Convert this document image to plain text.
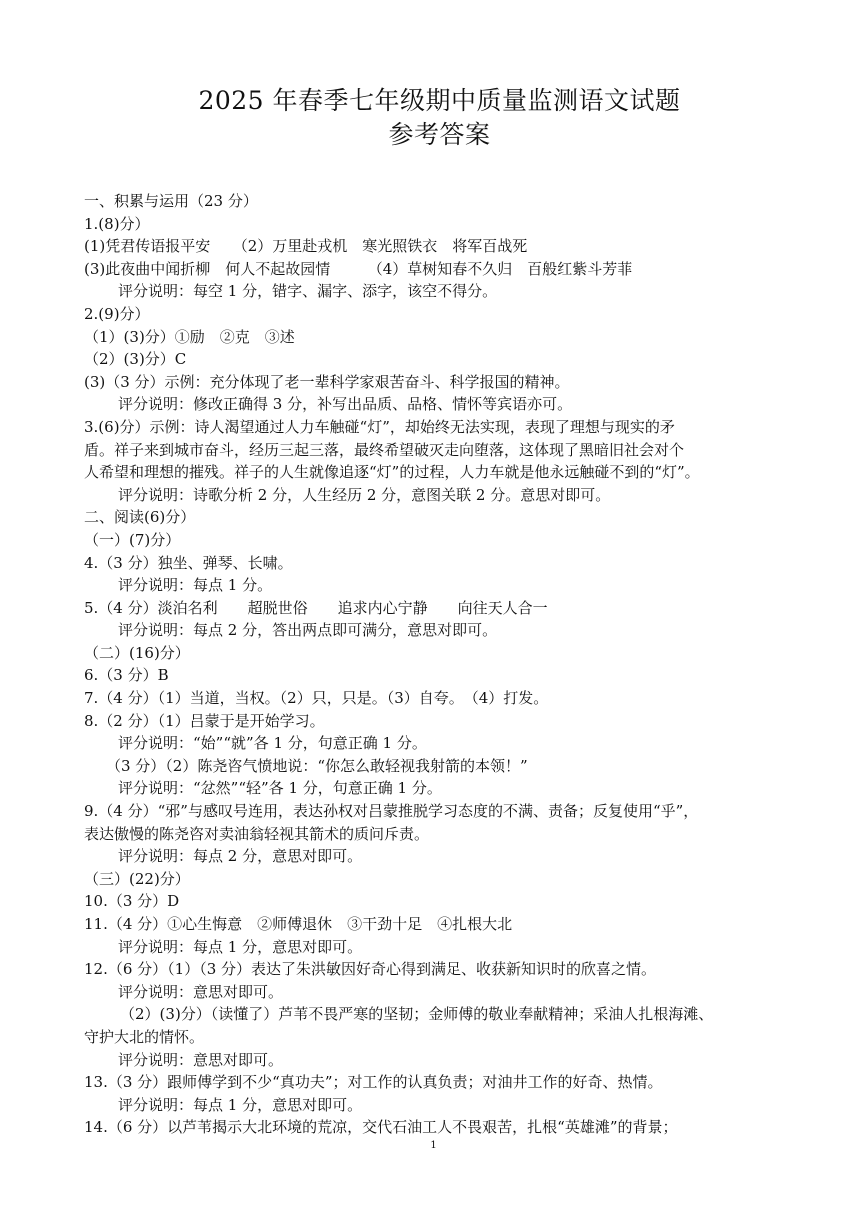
2025 年春季七年级期中质量监测语文试题
参考答案
一、积累与运用（23 分）
1.(8)分）
(1)凭君传语报平安　　（2）万里赴戎机　寒光照铁衣　将军百战死
(3)此夜曲中闻折柳　何人不起故园情　　　（4）草树知春不久归　百般红紫斗芳菲
评分说明：每空 1 分，错字、漏字、添字，该空不得分。
2.(9)分）
（1）(3)分）①励　②克　③述
（2）(3)分）C
(3)（3 分）示例：充分体现了老一辈科学家艰苦奋斗、科学报国的精神。
评分说明：修改正确得 3 分，补写出品质、品格、情怀等宾语亦可。
3.(6)分）示例：诗人渴望通过人力车触碰“灯”，却始终无法实现，表现了理想与现实的矛
盾。祥子来到城市奋斗，经历三起三落，最终希望破灭走向堕落，这体现了黑暗旧社会对个
人希望和理想的摧残。祥子的人生就像追逐“灯”的过程，人力车就是他永远触碰不到的“灯”。
评分说明：诗歌分析 2 分，人生经历 2 分，意图关联 2 分。意思对即可。
二、阅读(6)分）
（一）(7)分）
4.（3 分）独坐、弹琴、长啸。
评分说明：每点 1 分。
5.（4 分）淡泊名利　　超脱世俗　　追求内心宁静　　向往天人合一
评分说明：每点 2 分，答出两点即可满分，意思对即可。
（二）(16)分）
6.（3 分）B
7.（4 分）（1）当道，当权。（2）只，只是。（3）自夸。　（4）打发。
8.（2 分）（1）吕蒙于是开始学习。
评分说明：“始”“就”各 1 分，句意正确 1 分。
（3 分）（2）陈尧咨气愤地说：“你怎么敢轻视我射箭的本领！”
评分说明：“忿然”“轻”各 1 分，句意正确 1 分。
9.（4 分）“邪”与感叹号连用，表达孙权对吕蒙推脱学习态度的不满、责备；反复使用“乎”，
表达傲慢的陈尧咨对卖油翁轻视其箭术的质问斥责。
评分说明：每点 2 分，意思对即可。
（三）(22)分）
10.（3 分）D
11.（4 分）①心生悔意　②师傅退休　③干劲十足　④扎根大北
评分说明：每点 1 分，意思对即可。
12.（6 分）（1）（3 分）表达了朱洪敏因好奇心得到满足、收获新知识时的欣喜之情。
评分说明：意思对即可。
（2）(3)分）（读懂了）芦苇不畏严寒的坚韧；金师傅的敬业奉献精神；采油人扎根海滩、
守护大北的情怀。
评分说明：意思对即可。
13.（3 分）跟师傅学到不少“真功夫”；对工作的认真负责；对油井工作的好奇、热情。
评分说明：每点 1 分，意思对即可。
14.（6 分）以芦苇揭示大北环境的荒凉，交代石油工人不畏艰苦，扎根“英雄滩”的背景；
1
